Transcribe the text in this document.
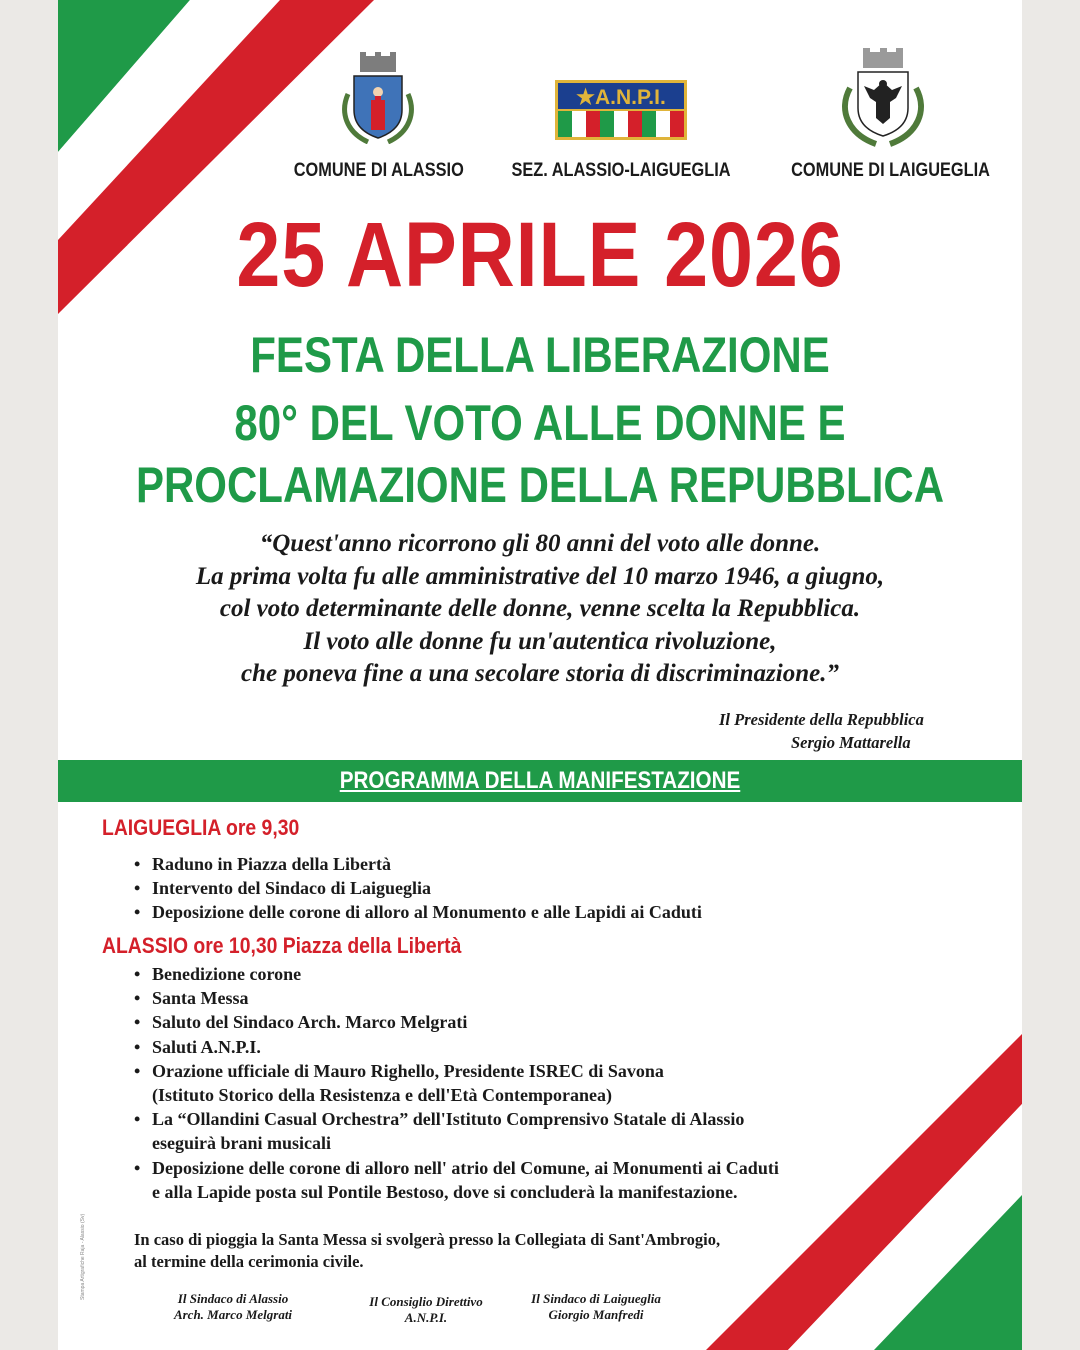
★A.N.P.I.
COMUNE DI ALASSIO	SEZ. ALASSIO-LAIGUEGLIA	COMUNE DI LAIGUEGLIA
25 APRILE 2026
FESTA DELLA LIBERAZIONE
80° DEL VOTO ALLE DONNE E
PROCLAMAZIONE DELLA REPUBBLICA
“Quest'anno ricorrono gli 80 anni del voto alle donne.
La prima volta fu alle amministrative del 10 marzo 1946, a giugno,
col voto determinante delle donne, venne scelta la Repubblica.
Il voto alle donne fu un'autentica rivoluzione,
che poneva fine a una secolare storia di discriminazione.”
Il Presidente della Repubblica
Sergio Mattarella
PROGRAMMA DELLA MANIFESTAZIONE
LAIGUEGLIA ore 9,30
• Raduno in Piazza della Libertà
• Intervento del Sindaco di Laigueglia
• Deposizione delle corone di alloro al Monumento e alle Lapidi ai Caduti
ALASSIO ore 10,30 Piazza della Libertà
• Benedizione corone
• Santa Messa
• Saluto del Sindaco Arch. Marco Melgrati
• Saluti A.N.P.I.
• Orazione ufficiale di Mauro Righello, Presidente ISREC di Savona
(Istituto Storico della Resistenza e dell'Età Contemporanea)
• La “Ollandini Casual Orchestra” dell'Istituto Comprensivo Statale di Alassio
eseguirà brani musicali
• Deposizione delle corone di alloro nell' atrio del Comune, ai Monumenti ai Caduti
e alla Lapide posta sul Pontile Bestoso, dove si concluderà la manifestazione.
In caso di pioggia la Santa Messa si svolgerà presso la Collegiata di Sant'Ambrogio,
al termine della cerimonia civile.
Il Sindaco di Alassio
Arch. Marco Melgrati
Il Consiglio Direttivo
A.N.P.I.
Il Sindaco di Laigueglia
Giorgio Manfredi
Stampa Artigrafiche Raja - Alassio (Sv)
